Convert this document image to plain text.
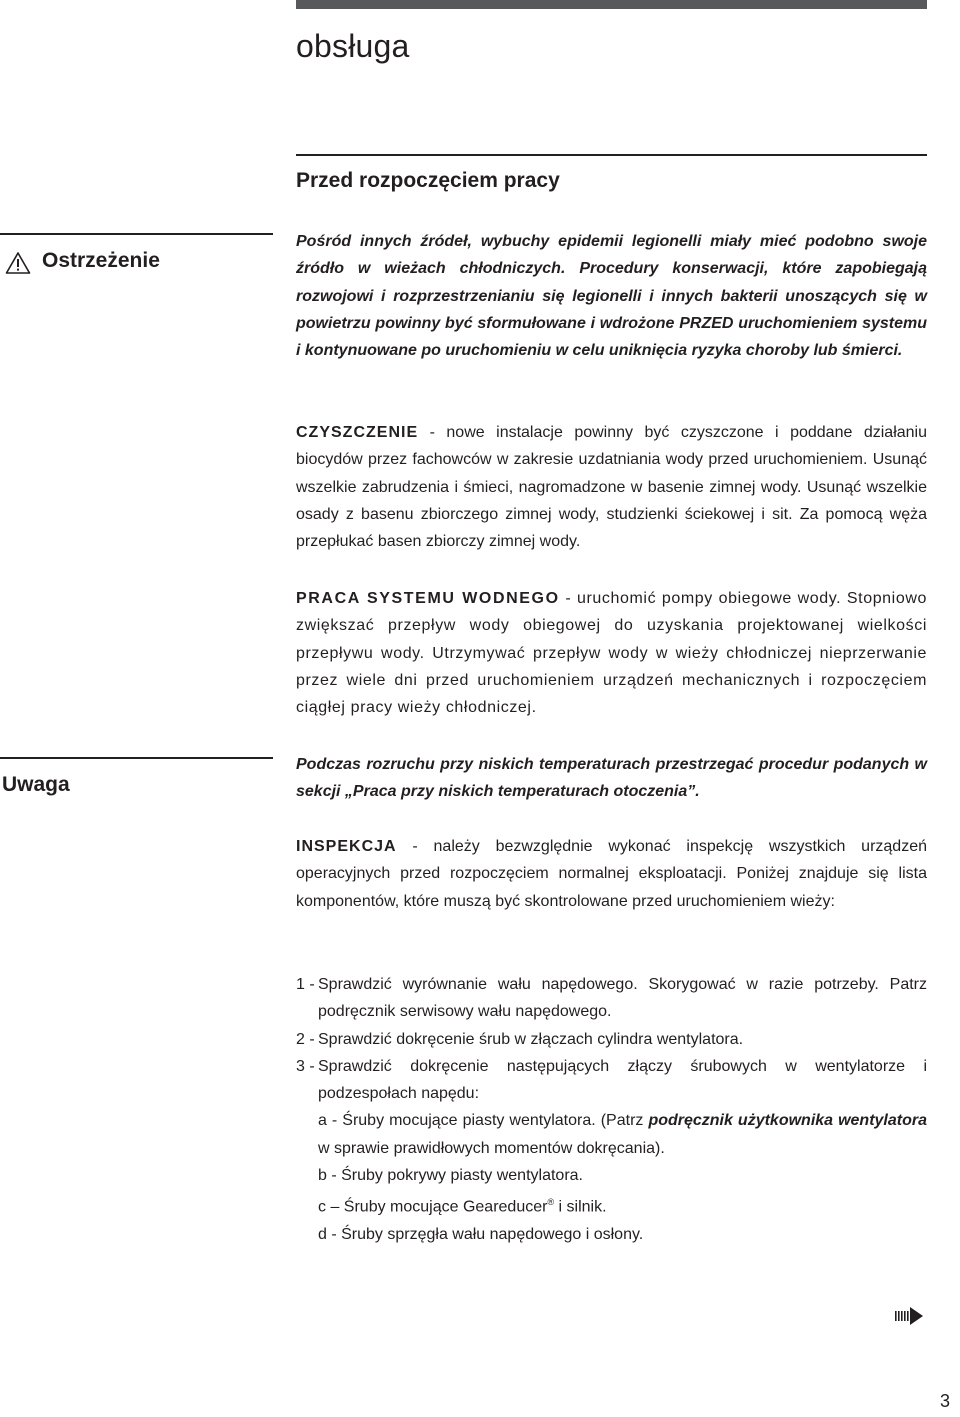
obsługa
Przed rozpoczęciem pracy
Ostrzeżenie

Pośród innych źródeł, wybuchy epidemii legionelli miały mieć podobno swoje źródło w wieżach chłodniczych. Procedury konserwacji, które zapobiegają rozwojowi i rozprzestrzenianiu się legionelli i innych bakterii unoszących się w powietrzu powinny być sformułowane i wdrożone PRZED uruchomieniem systemu i kontynuowane po uruchomieniu w celu uniknięcia ryzyka choroby lub śmierci.

CZYSZCZENIE - nowe instalacje powinny być czyszczone i poddane działaniu biocydów przez fachowców w zakresie uzdatniania wody przed uruchomieniem. Usunąć wszelkie zabrudzenia i śmieci, nagromadzone w basenie zimnej wody. Usunąć wszelkie osady z basenu zbiorczego zimnej wody, studzienki ściekowej i sit. Za pomocą węża przepłukać basen zbiorczy zimnej wody.

PRACA SYSTEMU WODNEGO - uruchomić pompy obiegowe wody. Stopniowo zwiększać przepływ wody obiegowej do uzyskania projektowanej wielkości przepływu wody. Utrzymywać przepływ wody w wieży chłodniczej nieprzerwanie przez wiele dni przed uruchomieniem urządzeń mechanicznych i rozpoczęciem ciągłej pracy wieży chłodniczej.

Uwaga

Podczas rozruchu przy niskich temperaturach przestrzegać procedur podanych w sekcji „Praca przy niskich temperaturach otoczenia”.

INSPEKCJA - należy bezwzględnie wykonać inspekcję wszystkich urządzeń operacyjnych przed rozpoczęciem normalnej eksploatacji. Poniżej znajduje się lista komponentów, które muszą być skontrolowane przed uruchomieniem wieży:

1 - Sprawdzić wyrównanie wału napędowego. Skorygować w razie potrzeby. Patrz podręcznik serwisowy wału napędowego.
2 - Sprawdzić dokręcenie śrub w złączach cylindra wentylatora.
3 - Sprawdzić dokręcenie następujących złączy śrubowych w wentylatorze i podzespołach napędu:
a - Śruby mocujące piasty wentylatora. (Patrz podręcznik użytkownika wentylatora w sprawie prawidłowych momentów dokręcania).
b - Śruby pokrywy piasty wentylatora.
c – Śruby mocujące Geareducer® i silnik.
d - Śruby sprzęgła wału napędowego i osłony.
3
